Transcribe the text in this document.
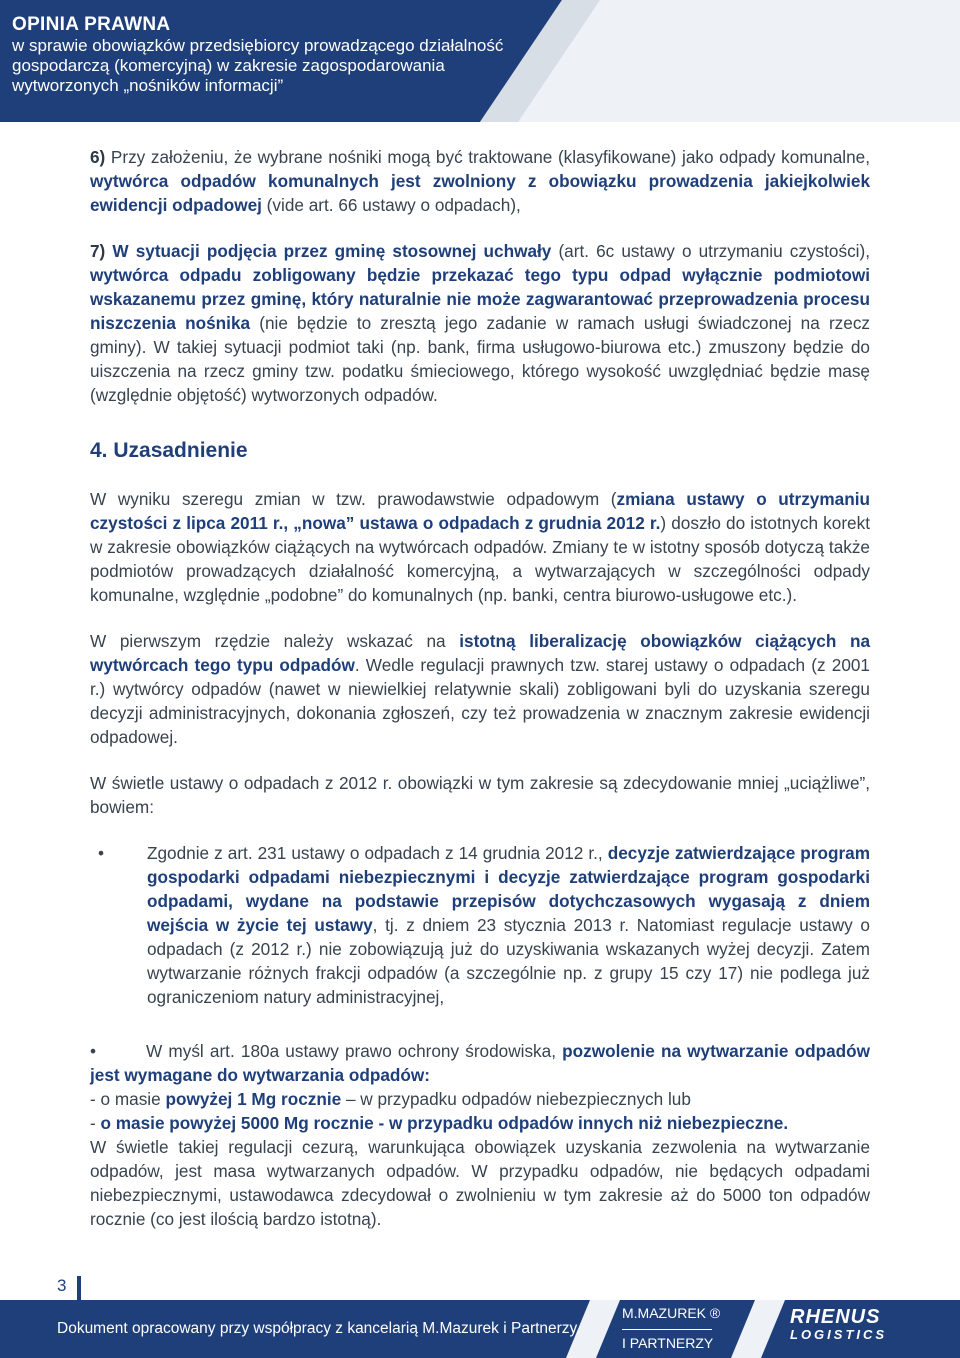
OPINIA PRAWNA
w sprawie obowiązków przedsiębiorcy prowadzącego działalność
gospodarczą (komercyjną) w zakresie zagospodarowania
wytworzonych „nośników informacji”

6) Przy założeniu, że wybrane nośniki mogą być traktowane (klasyfikowane) jako odpady komunalne, wytwórca odpadów komunalnych jest zwolniony z obowiązku prowadzenia jakiejkolwiek ewidencji odpadowej (vide art. 66 ustawy o odpadach),

7) W sytuacji podjęcia przez gminę stosownej uchwały (art. 6c ustawy o utrzymaniu czystości), wytwórca odpadu zobligowany będzie przekazać tego typu odpad wyłącznie podmiotowi wskazanemu przez gminę, który naturalnie nie może zagwarantować przeprowadzenia procesu niszczenia nośnika (nie będzie to zresztą jego zadanie w ramach usługi świadczonej na rzecz gminy). W takiej sytuacji podmiot taki (np. bank, firma usługowo-biurowa etc.) zmuszony będzie do uiszczenia na rzecz gminy tzw. podatku śmieciowego, którego wysokość uwzględniać będzie masę (względnie objętość) wytworzonych odpadów.

4. Uzasadnienie

W wyniku szeregu zmian w tzw. prawodawstwie odpadowym (zmiana ustawy o utrzymaniu czystości z lipca 2011 r., „nowa” ustawa o odpadach z grudnia 2012 r.) doszło do istotnych korekt w zakresie obowiązków ciążących na wytwórcach odpadów. Zmiany te w istotny sposób dotyczą także podmiotów prowadzących działalność komercyjną, a wytwarzających w szczególności odpady komunalne, względnie „podobne” do komunalnych (np. banki, centra biurowo-usługowe etc.).

W pierwszym rzędzie należy wskazać na istotną liberalizację obowiązków ciążących na wytwórcach tego typu odpadów. Wedle regulacji prawnych tzw. starej ustawy o odpadach (z 2001 r.) wytwórcy odpadów (nawet w niewielkiej relatywnie skali) zobligowani byli do uzyskania szeregu decyzji administracyjnych, dokonania zgłoszeń, czy też prowadzenia w znacznym zakresie ewidencji odpadowej.

W świetle ustawy o odpadach z 2012 r. obowiązki w tym zakresie są zdecydowanie mniej „uciążliwe”, bowiem:

• Zgodnie z art. 231 ustawy o odpadach z 14 grudnia 2012 r., decyzje zatwierdzające program gospodarki odpadami niebezpiecznymi i decyzje zatwierdzające program gospodarki odpadami, wydane na podstawie przepisów dotychczasowych wygasają z dniem wejścia w życie tej ustawy, tj. z dniem 23 stycznia 2013 r. Natomiast regulacje ustawy o odpadach (z 2012 r.) nie zobowiązują już do uzyskiwania wskazanych wyżej decyzji. Zatem wytwarzanie różnych frakcji odpadów (a szczególnie np. z grupy 15 czy 17) nie podlega już ograniczeniom natury administracyjnej,

•	W myśl art. 180a ustawy prawo ochrony środowiska, pozwolenie na wytwarzanie odpadów jest wymagane do wytwarzania odpadów:

- o masie powyżej 1 Mg rocznie – w przypadku odpadów niebezpiecznych lub

- o masie powyżej 5000 Mg rocznie - w przypadku odpadów innych niż niebezpieczne.

W świetle takiej regulacji cezurą, warunkująca obowiązek uzyskania zezwolenia na wytwarzanie odpadów, jest masa wytwarzanych odpadów. W przypadku odpadów, nie będących odpadami niebezpiecznymi, ustawodawca zdecydował o zwolnieniu w tym zakresie aż do 5000 ton odpadów rocznie (co jest ilością bardzo istotną).

3
Dokument opracowany przy współpracy z kancelarią M.Mazurek i Partnerzy.
M.MAZUREK ®
I PARTNERZY
RHENUS
LOGISTICS
